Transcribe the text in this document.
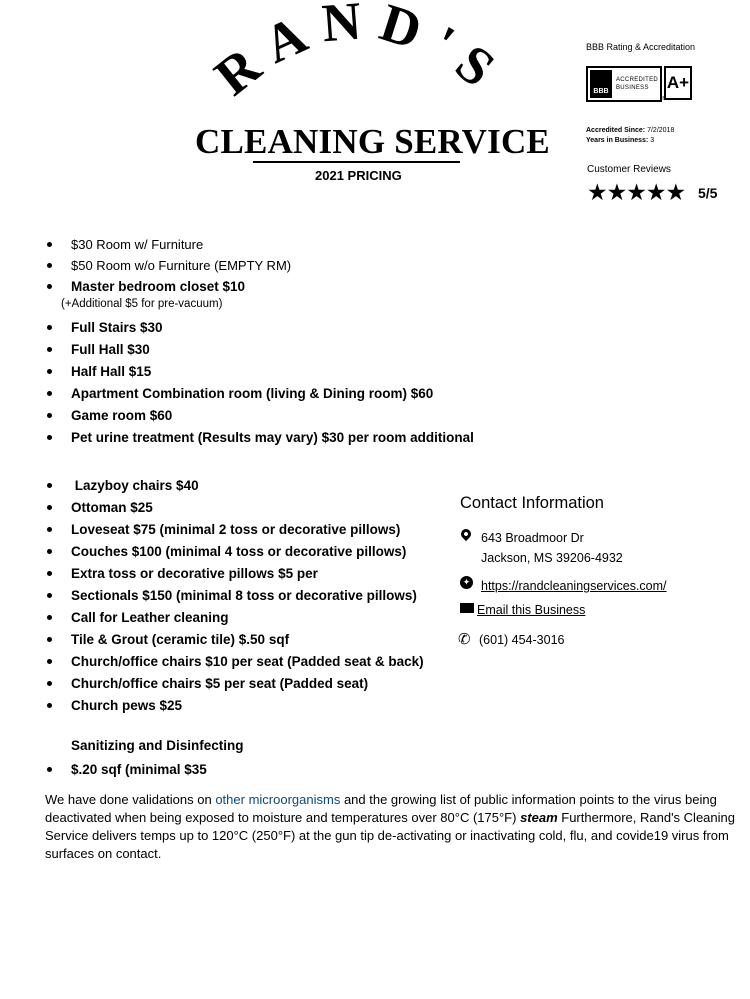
RAND'S
CLEANING SERVICE
2021 PRICING
BBB Rating & Accreditation
BBB
ACCREDITED
BUSINESS	A+
®
Accredited Since: 7/2/2018
Years in Business: 3
Customer Reviews
★★★★★ 5/5
$30 Room w/ Furniture
$50 Room w/o Furniture (EMPTY RM)
Master bedroom closet $10
(+Additional $5 for pre-vacuum)
Full Stairs $30
Full Hall $30
Half Hall $15
Apartment Combination room (living & Dining room) $60
Game room $60
Pet urine treatment (Results may vary) $30 per room additional
Lazyboy chairs $40
Ottoman $25
Loveseat $75 (minimal 2 toss or decorative pillows)
Couches $100 (minimal 4 toss or decorative pillows)
Extra toss or decorative pillows $5 per
Sectionals $150 (minimal 8 toss or decorative pillows)
Call for Leather cleaning
Tile & Grout (ceramic tile) $.50 sqf
Church/office chairs $10 per seat (Padded seat & back)
Church/office chairs $5 per seat (Padded seat)
Church pews $25
Sanitizing and Disinfecting
$.20 sqf (minimal $35
Contact Information
643 Broadmoor Dr
Jackson, MS 39206-4932
✦ https://randcleaningservices.com/
Email this Business
✆ (601) 454-3016
We have done validations on other microorganisms and the growing list of public information points to the virus being deactivated when being exposed to moisture and temperatures over 80°C (175°F) steam Furthermore, Rand's Cleaning Service delivers temps up to 120°C (250°F) at the gun tip de-activating or inactivating cold, flu, and covide19 virus from surfaces on contact.
